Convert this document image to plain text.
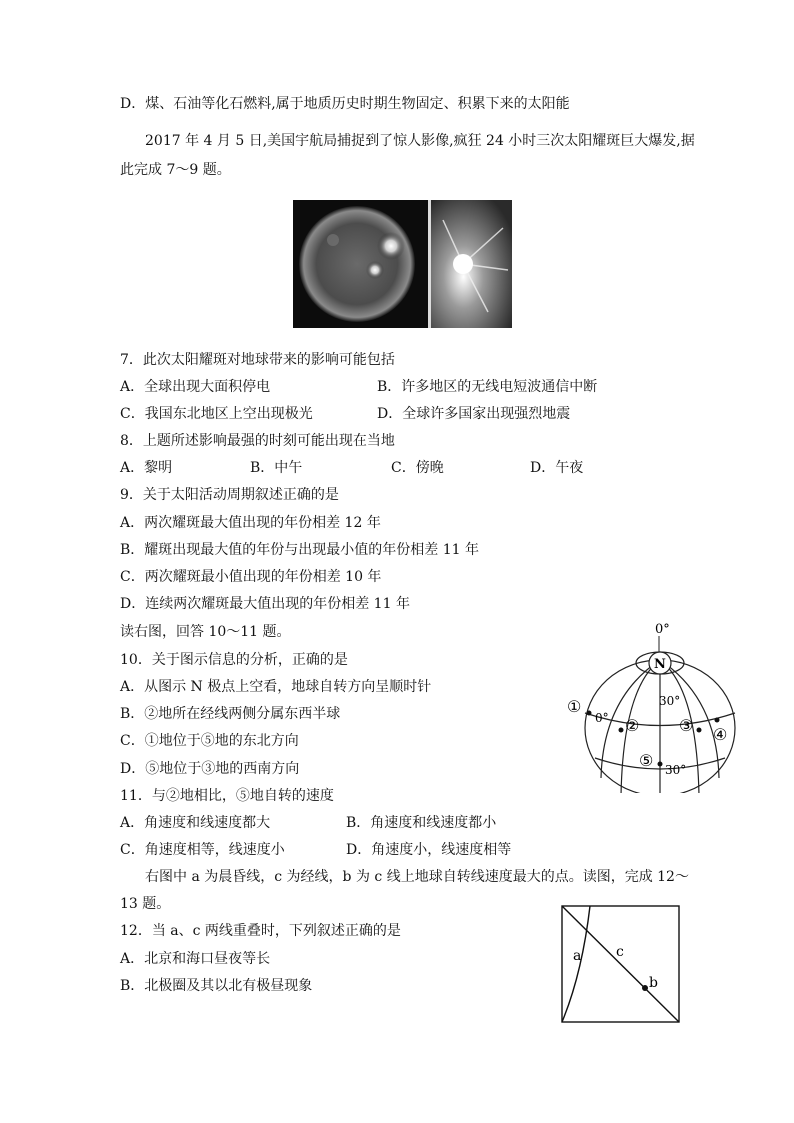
D．煤、石油等化石燃料,属于地质历史时期生物固定、积累下来的太阳能
2017 年 4 月 5 日,美国宇航局捕捉到了惊人影像,疯狂 24 小时三次太阳耀斑巨大爆发,据
此完成 7～9 题。
7．此次太阳耀斑对地球带来的影响可能包括
A．全球出现大面积停电	B．许多地区的无线电短波通信中断
C．我国东北地区上空出现极光	D．全球许多国家出现强烈地震
8．上题所述影响最强的时刻可能出现在当地
A．黎明	B．中午	C．傍晚	D．午夜
9．关于太阳活动周期叙述正确的是
A．两次耀斑最大值出现的年份相差 12 年
B．耀斑出现最大值的年份与出现最小值的年份相差 11 年
C．两次耀斑最小值出现的年份相差 10 年
D．连续两次耀斑最大值出现的年份相差 11 年
读右图，回答 10～11 题。
10．关于图示信息的分析，正确的是
A．从图示 N 极点上空看，地球自转方向呈顺时针
B．②地所在经线两侧分属东西半球
C．①地位于⑤地的东北方向
D．⑤地位于③地的西南方向
11．与②地相比，⑤地自转的速度
A．角速度和线速度都大	B．角速度和线速度都小
C．角速度相等，线速度小	D．角速度小，线速度相等
右图中 a 为晨昏线，c 为经线，b 为 c 线上地球自转线速度最大的点。读图，完成 12～
13 题。
12．当 a、c 两线重叠时，下列叙述正确的是
A．北京和海口昼夜等长
B．北极圈及其以北有极昼现象
0°
N
30°
0°
30°
①
② ③ ④
⑤
a c
b
